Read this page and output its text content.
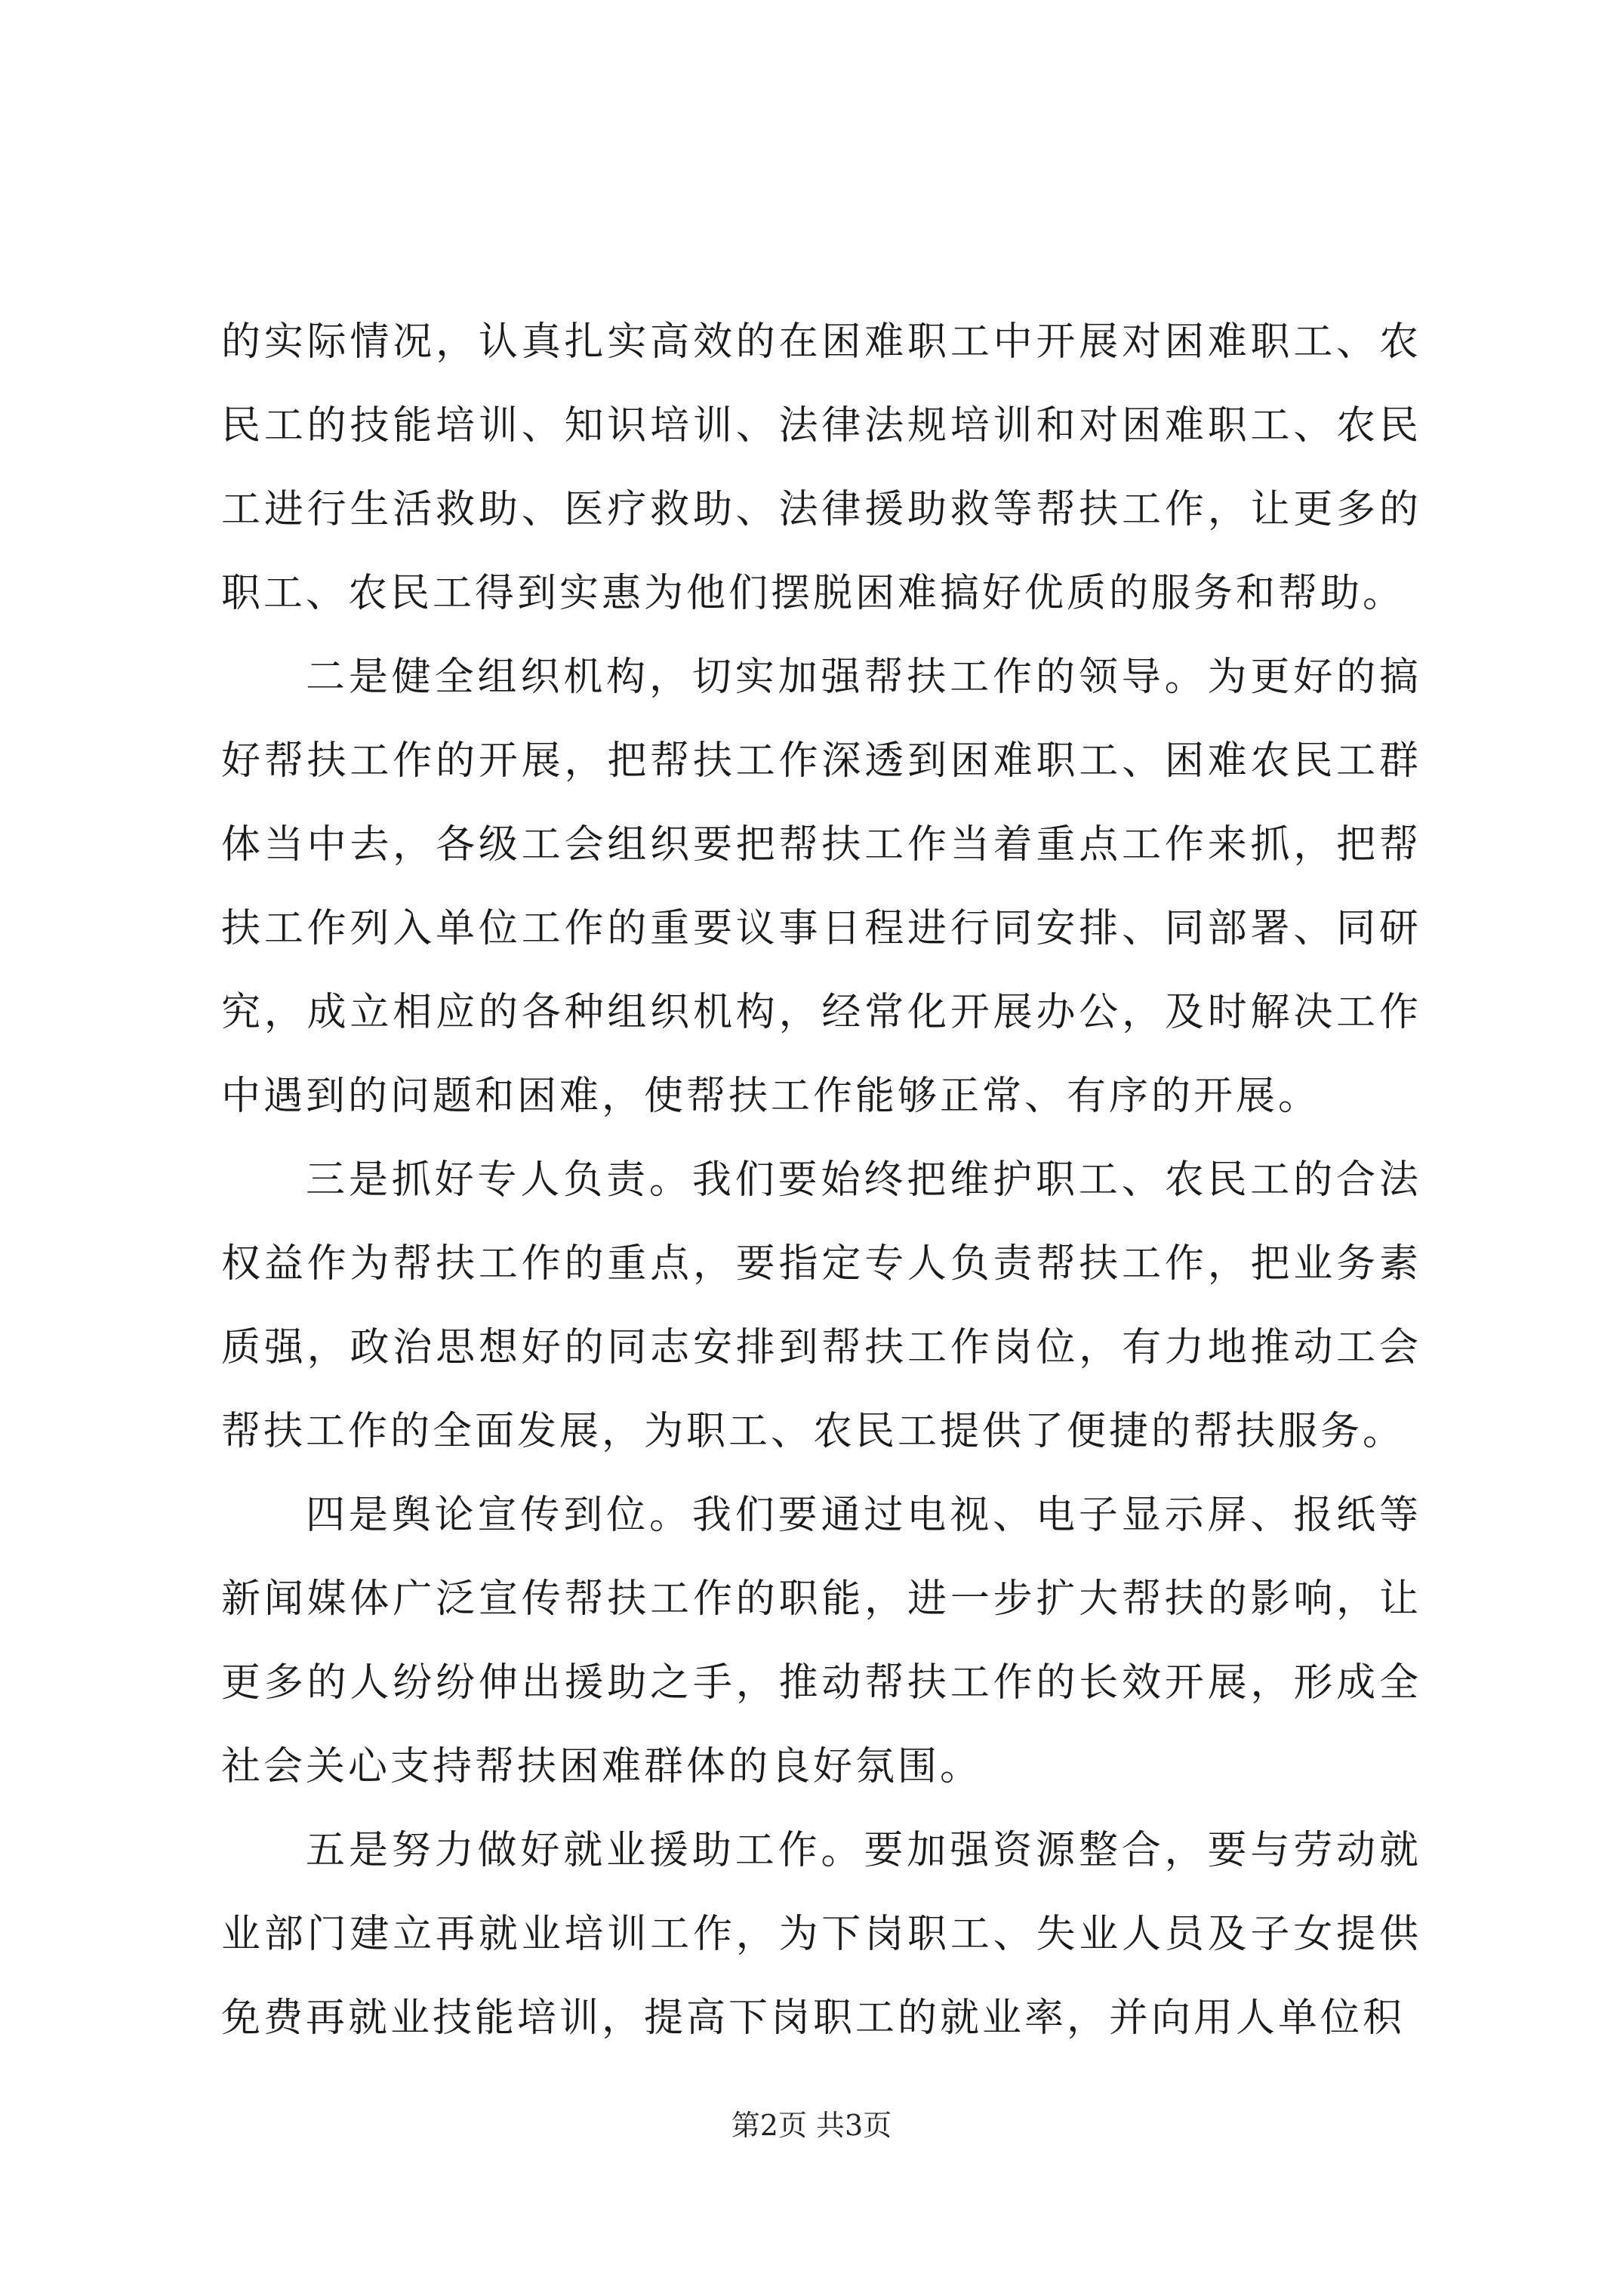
的实际情况，认真扎实高效的在困难职工中开展对困难职工、农民工的技能培训、知识培训、法律法规培训和对困难职工、农民工进行生活救助、医疗救助、法律援助救等帮扶工作，让更多的职工、农民工得到实惠为他们摆脱困难搞好优质的服务和帮助。

二是健全组织机构，切实加强帮扶工作的领导。为更好的搞好帮扶工作的开展，把帮扶工作深透到困难职工、困难农民工群体当中去，各级工会组织要把帮扶工作当着重点工作来抓，把帮扶工作列入单位工作的重要议事日程进行同安排、同部署、同研究，成立相应的各种组织机构，经常化开展办公，及时解决工作中遇到的问题和困难，使帮扶工作能够正常、有序的开展。

三是抓好专人负责。我们要始终把维护职工、农民工的合法权益作为帮扶工作的重点，要指定专人负责帮扶工作，把业务素质强，政治思想好的同志安排到帮扶工作岗位，有力地推动工会帮扶工作的全面发展，为职工、农民工提供了便捷的帮扶服务。

四是舆论宣传到位。我们要通过电视、电子显示屏、报纸等新闻媒体广泛宣传帮扶工作的职能，进一步扩大帮扶的影响，让更多的人纷纷伸出援助之手，推动帮扶工作的长效开展，形成全社会关心支持帮扶困难群体的良好氛围。

五是努力做好就业援助工作。要加强资源整合，要与劳动就业部门建立再就业培训工作，为下岗职工、失业人员及子女提供免费再就业技能培训，提高下岗职工的就业率，并向用人单位积

第2页 共3页
